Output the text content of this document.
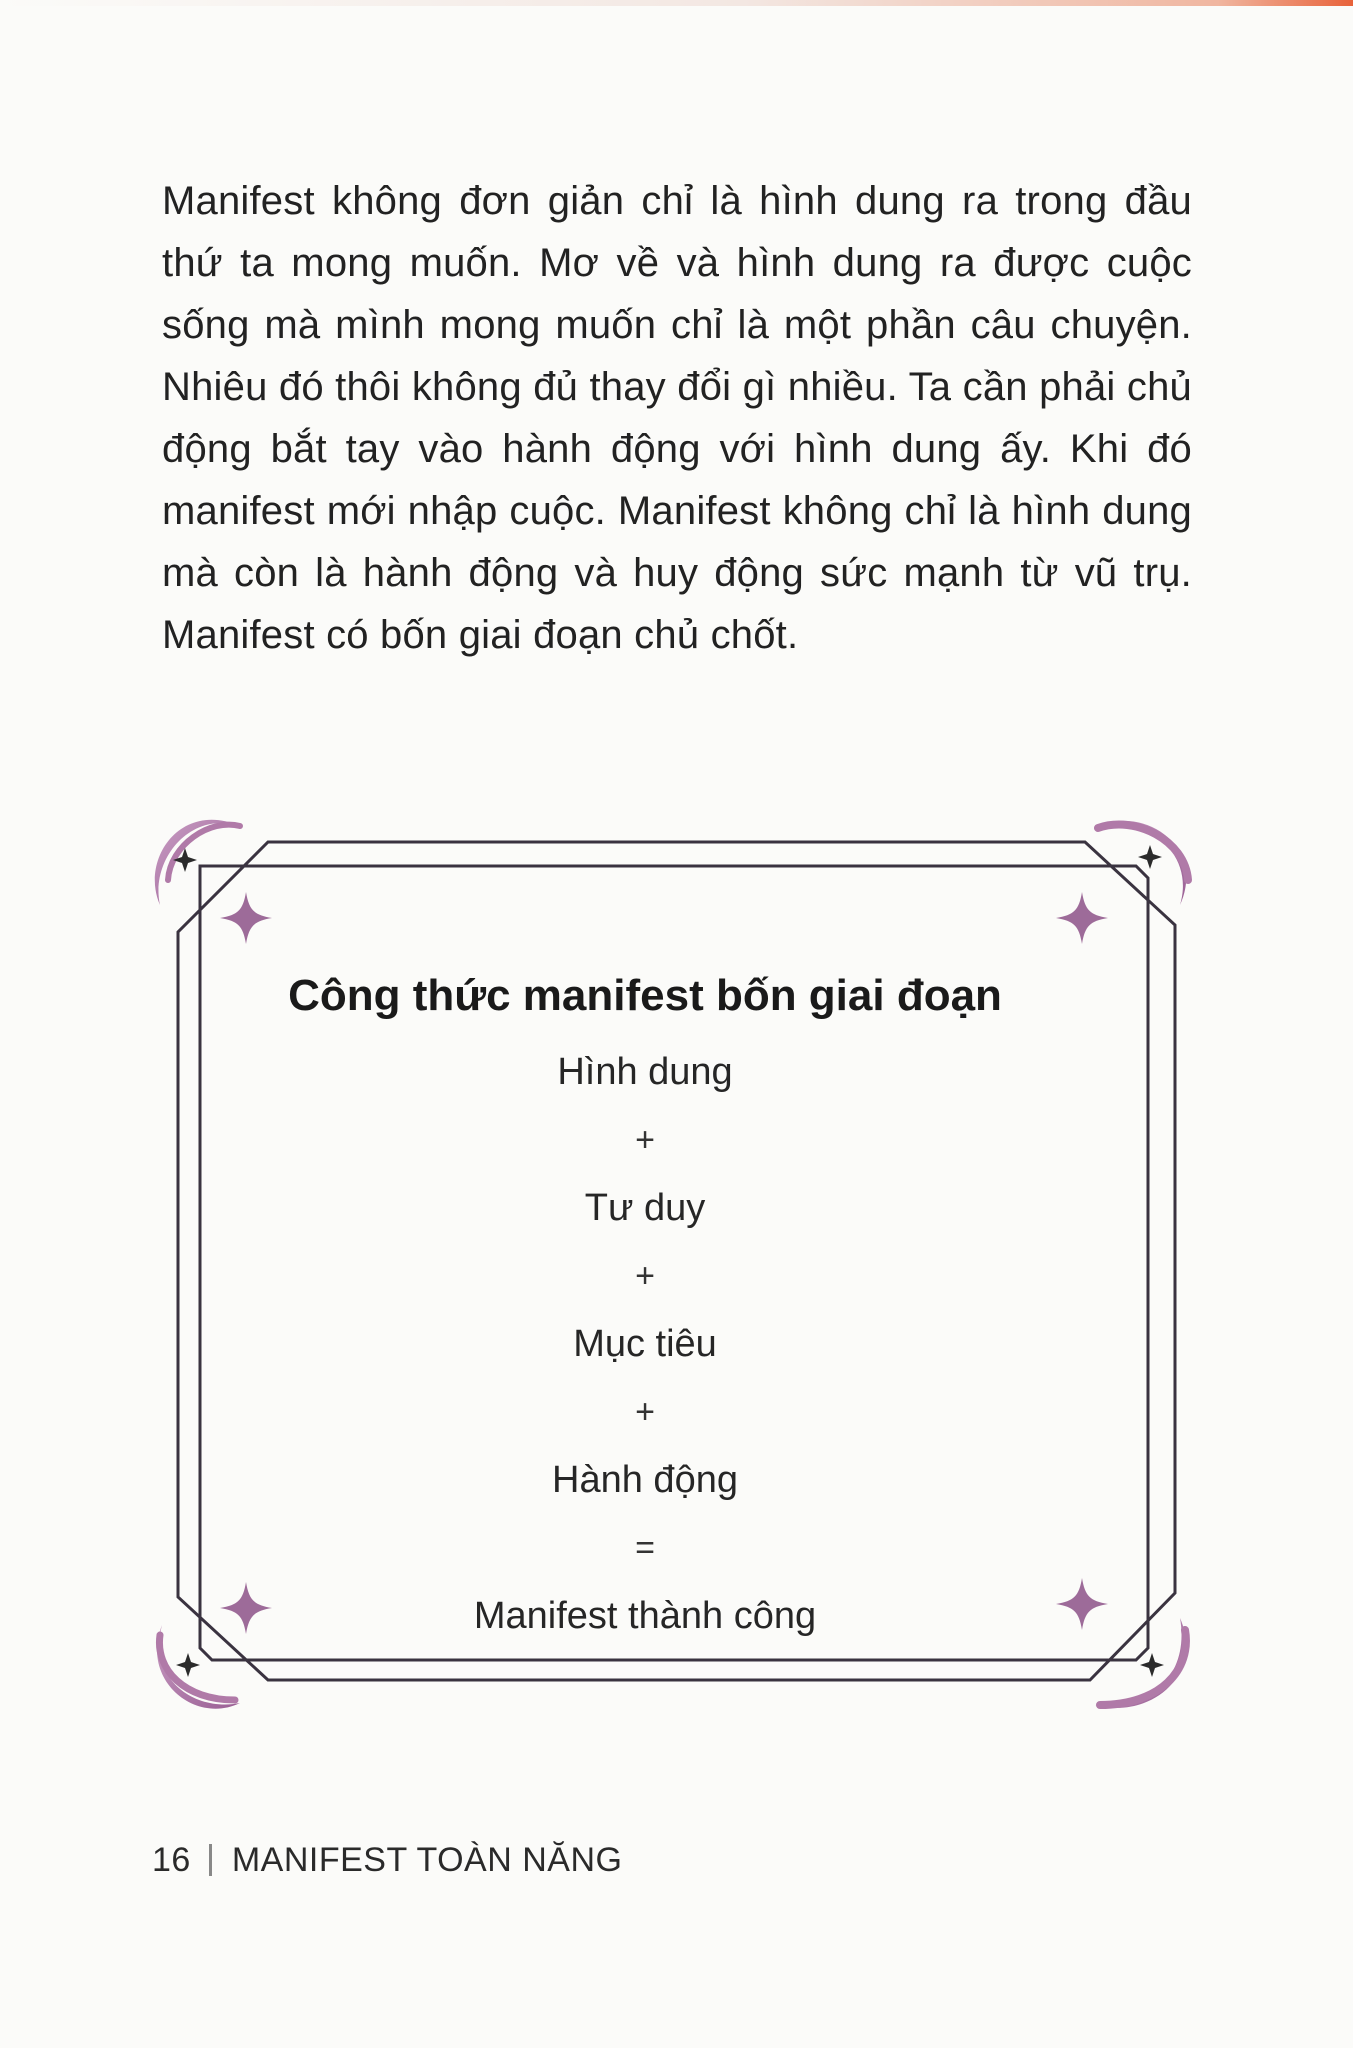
Manifest không đơn giản chỉ là hình dung ra trong đầu thứ ta mong muốn. Mơ về và hình dung ra được cuộc sống mà mình mong muốn chỉ là một phần câu chuyện. Nhiêu đó thôi không đủ thay đổi gì nhiều. Ta cần phải chủ động bắt tay vào hành động với hình dung ấy. Khi đó manifest mới nhập cuộc. Manifest không chỉ là hình dung mà còn là hành động và huy động sức mạnh từ vũ trụ. Manifest có bốn giai đoạn chủ chốt.

Công thức manifest bốn giai đoạn
Hình dung
+
Tư duy
+
Mục tiêu
+
Hành động
=
Manifest thành công
16 MANIFEST TOÀN NĂNG
